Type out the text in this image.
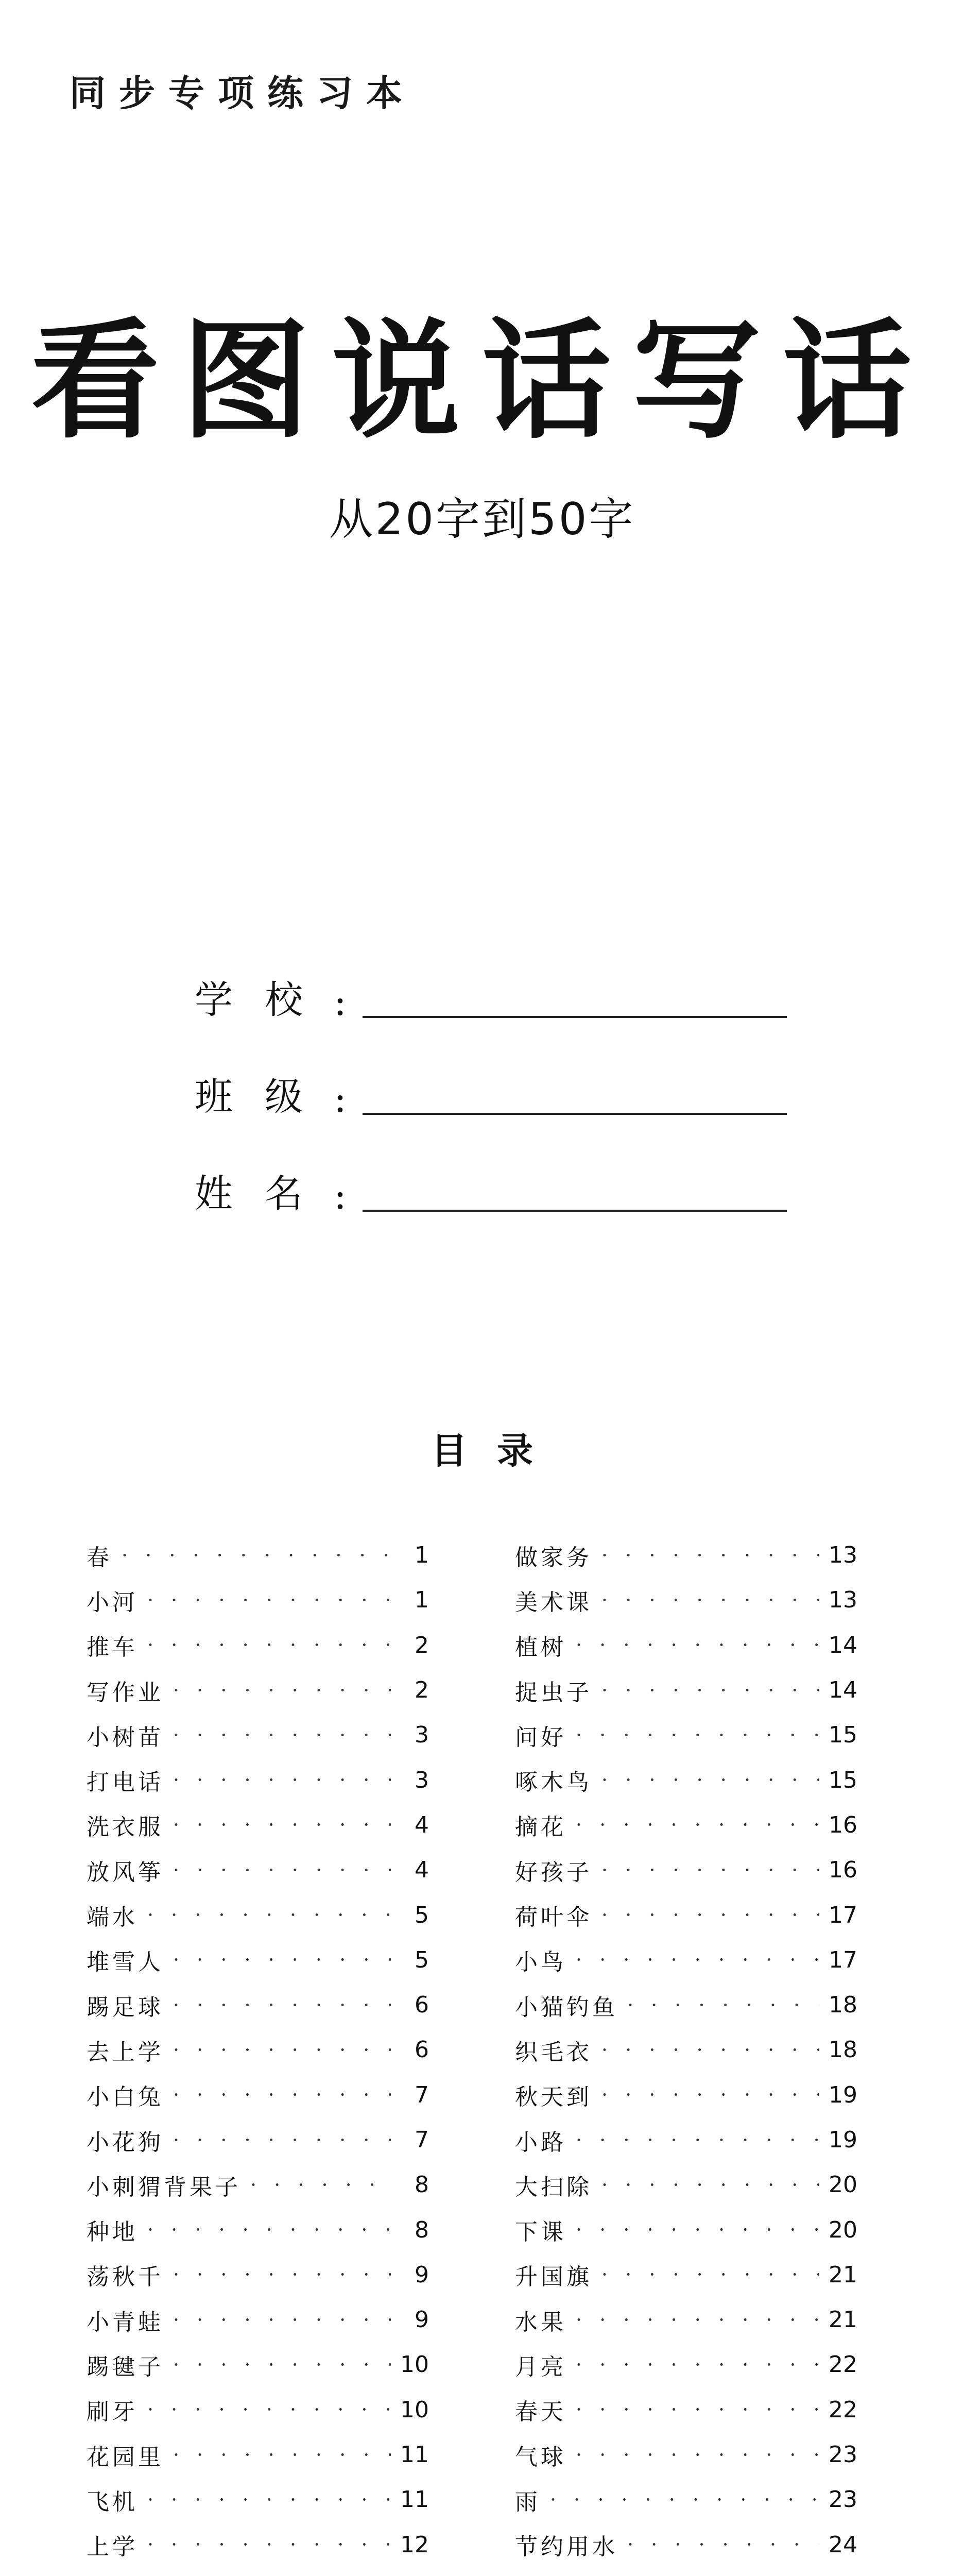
同步专项练习本
看图说话写话
从20字到50字
学校
:
班级
:
姓名
:
目录
春 · · ·	1
小河 · · ·	1
推车 · · ·	2
写作业 · · ·	2
小树苗 · · ·	3
打电话 · · ·	3
洗衣服 · · ·	4
放风筝 · · ·	4
端水 · · ·	5
堆雪人 · · ·	5
踢足球 · · ·	6
去上学 · · ·	6
小白兔 · · ·	7
小花狗 · · ·	7
小刺猬背果子 · · ·	8
种地 · · ·	8
荡秋千 · · ·	9
小青蛙 · · ·	9
踢毽子 · · ·	10
刷牙 · · ·	10
花园里 · · ·	11
飞机 · · ·	11
上学 · · ·	12
做家务 · · ·	13
美术课 · · ·	13
植树 · · ·	14
捉虫子 · · ·	14
问好 · · ·	15
啄木鸟 · · ·	15
摘花 · · ·	16
好孩子 · · ·	16
荷叶伞 · · ·	17
小鸟 · · ·	17
小猫钓鱼 · · ·	18
织毛衣 · · ·	18
秋天到 · · ·	19
小路 · · ·	19
大扫除 · · ·	20
下课 · · ·	20
升国旗 · · ·	21
水果 · · ·	21
月亮 · · ·	22
春天 · · ·	22
气球 · · ·	23
雨 · · ·	23
节约用水 · · ·	24
